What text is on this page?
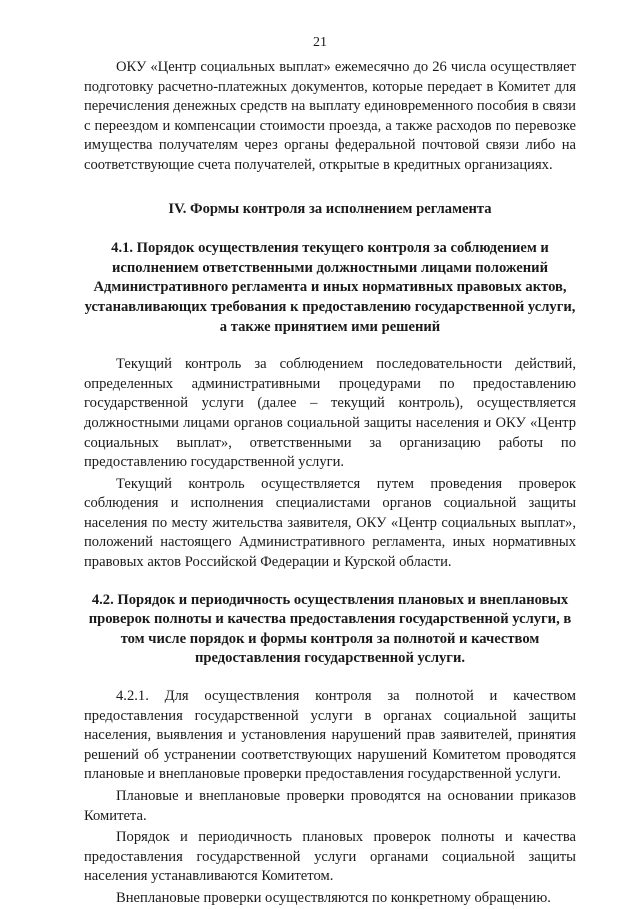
21

ОКУ «Центр социальных выплат» ежемесячно до 26 числа осуществляет подготовку расчетно-платежных документов, которые передает в Комитет для перечисления денежных средств на выплату единовременного пособия в связи с переездом и компенсации стоимости проезда, а также расходов по перевозке имущества получателям через органы федеральной почтовой связи либо на соответствующие счета получателей, открытые в кредитных организациях.

IV. Формы контроля за исполнением регламента

4.1. Порядок осуществления текущего контроля за соблюдением и исполнением ответственными должностными лицами положений Административного регламента и иных нормативных правовых актов, устанавливающих требования к предоставлению государственной услуги, а также принятием ими решений

Текущий контроль за соблюдением последовательности действий, определенных административными процедурами по предоставлению государственной услуги (далее – текущий контроль), осуществляется должностными лицами органов социальной защиты населения и ОКУ «Центр социальных выплат», ответственными за организацию работы по предоставлению государственной услуги.

Текущий контроль осуществляется путем проведения проверок соблюдения и исполнения специалистами органов социальной защиты населения по месту жительства заявителя, ОКУ «Центр социальных выплат», положений настоящего Административного регламента, иных нормативных правовых актов Российской Федерации и Курской области.

4.2. Порядок и периодичность осуществления плановых и внеплановых проверок полноты и качества предоставления государственной услуги, в том числе порядок и формы контроля за полнотой и качеством предоставления государственной услуги.

4.2.1. Для осуществления контроля за полнотой и качеством предоставления государственной услуги в органах социальной защиты населения, выявления и установления нарушений прав заявителей, принятия решений об устранении соответствующих нарушений Комитетом проводятся плановые и внеплановые проверки предоставления государственной услуги.

Плановые и внеплановые проверки проводятся на основании приказов Комитета.

Порядок и периодичность плановых проверок полноты и качества предоставления государственной услуги органами социальной защиты населения устанавливаются Комитетом.

Внеплановые проверки осуществляются по конкретному обращению.
